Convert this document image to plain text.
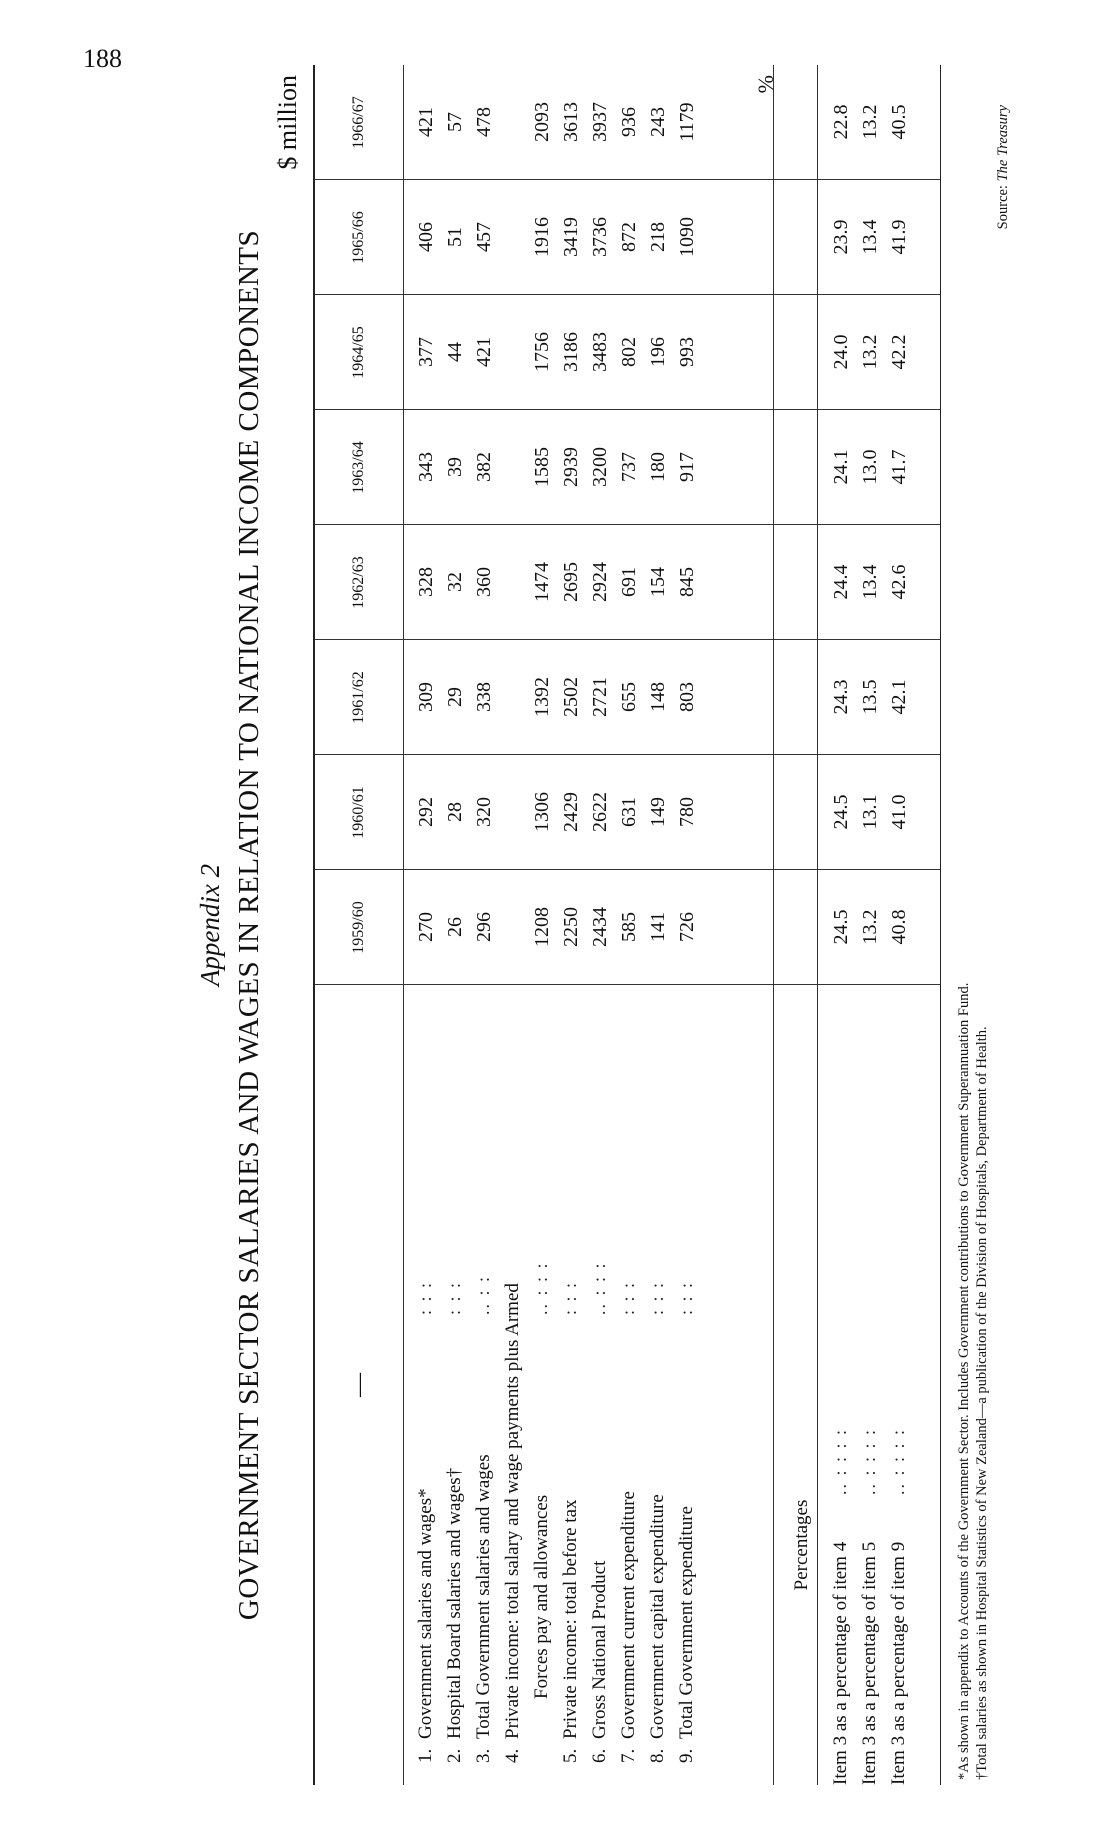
188
Appendix 2 GOVERNMENT SECTOR SALARIES AND WAGES IN RELATION TO NATIONAL INCOME COMPONENTS
$ million
—
1959/60
1960/61
1961/62
1962/63
1963/64
1964/65
1965/66
1966/67
1.Government salaries and wages*
: : :
270
292
309
328
343
377
406
421
2.Hospital Board salaries and wages†
: : :
26
28
29
32
39
44
51
57
3.Total Government salaries and wages
.. : :
296
320
338
360
382
421
457
478
4.Private income: total salary and wage payments plus Armed Forces pay and allowances
.. : : :
1208
1306
1392
1474
1585
1756
1916
2093
5.Private income: total before tax
: : :
2250
2429
2502
2695
2939
3186
3419
3613
6.Gross National Product
.. : : :
2434
2622
2721
2924
3200
3483
3736
3937
7.Government current expenditure
: : :
585
631
655
691
737
802
872
936
8.Government capital expenditure
: : :
141
149
148
154
180
196
218
243
9.Total Government expenditure
: : :
726
780
803
845
917
993
1090
1179
Percentages
%
Item 3 as a percentage of item 4
.. : : : :
24.5
24.5
24.3
24.4
24.1
24.0
23.9
22.8
Item 3 as a percentage of item 5
.. : : : :
13.2
13.1
13.5
13.4
13.0
13.2
13.4
13.2
Item 3 as a percentage of item 9
.. : : : :
40.8
41.0
42.1
42.6
41.7
42.2
41.9
40.5
*As shown in appendix to Accounts of the Government Sector. Includes Government contributions to Government Superannuation Fund. †Total salaries as shown in Hospital Statistics of New Zealand—a publication of the Division of Hospitals, Department of Health.
Source: The Treasury
